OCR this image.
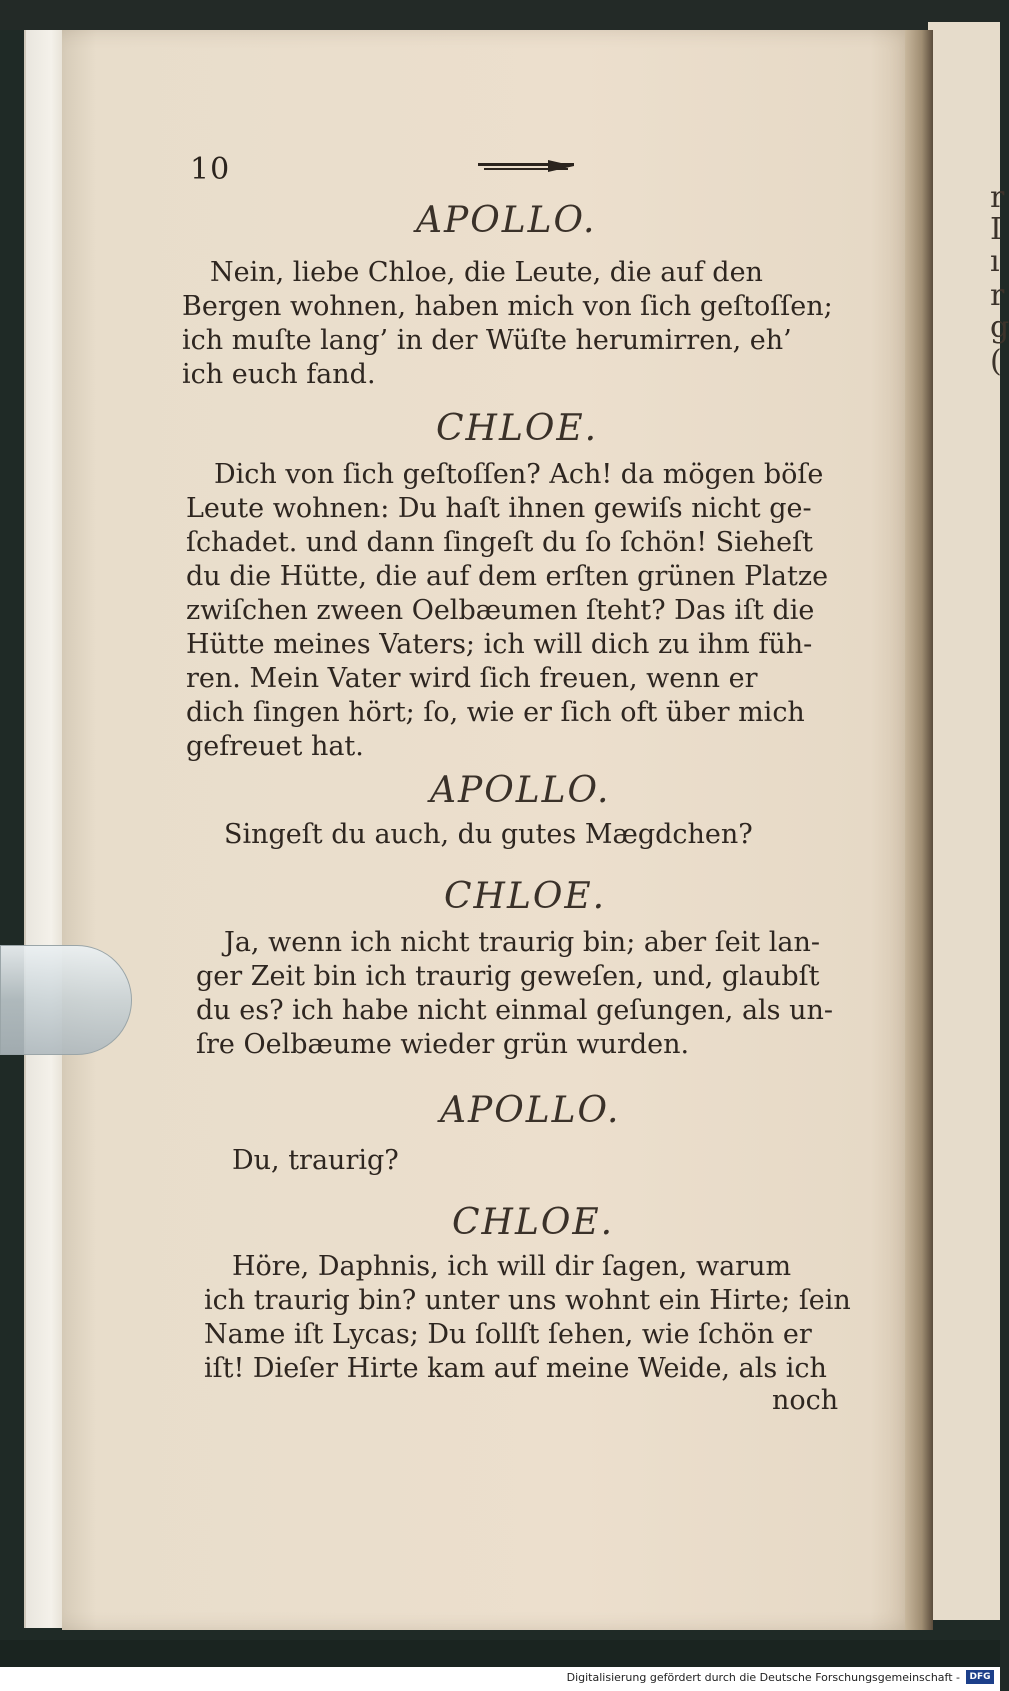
r
I
ı
r
g
(
10
APOLLO.
Nein, liebe Chloe, die Leute, die auf den
Bergen wohnen, haben mich von ſich geſtoſſen;
ich muſte lang’ in der Wüſte herumirren, eh’
ich euch fand.
CHLOE.
Dich von ſich geſtoſſen? Ach! da mögen böſe
Leute wohnen: Du haſt ihnen gewiſs nicht ge-
ſchadet. und dann ſingeſt du ſo ſchön! Sieheſt
du die Hütte, die auf dem erſten grünen Platze
zwiſchen zween Oelbæumen ſteht? Das iſt die
Hütte meines Vaters; ich will dich zu ihm füh-
ren. Mein Vater wird ſich freuen, wenn er
dich ſingen hört; ſo, wie er ſich oft über mich
gefreuet hat.
APOLLO.
Singeſt du auch, du gutes Mægdchen?
CHLOE.
Ja, wenn ich nicht traurig bin; aber ſeit lan-
ger Zeit bin ich traurig geweſen, und, glaubſt
du es? ich habe nicht einmal geſungen, als un-
ſre Oelbæume wieder grün wurden.
APOLLO.
Du, traurig?
CHLOE.
Höre, Daphnis, ich will dir ſagen, warum
ich traurig bin? unter uns wohnt ein Hirte; ſein
Name iſt Lycas; Du ſollſt ſehen, wie ſchön er
iſt! Dieſer Hirte kam auf meine Weide, als ich
noch
Digitalisierung gefördert durch die Deutsche Forschungsgemeinschaft -	DFG
